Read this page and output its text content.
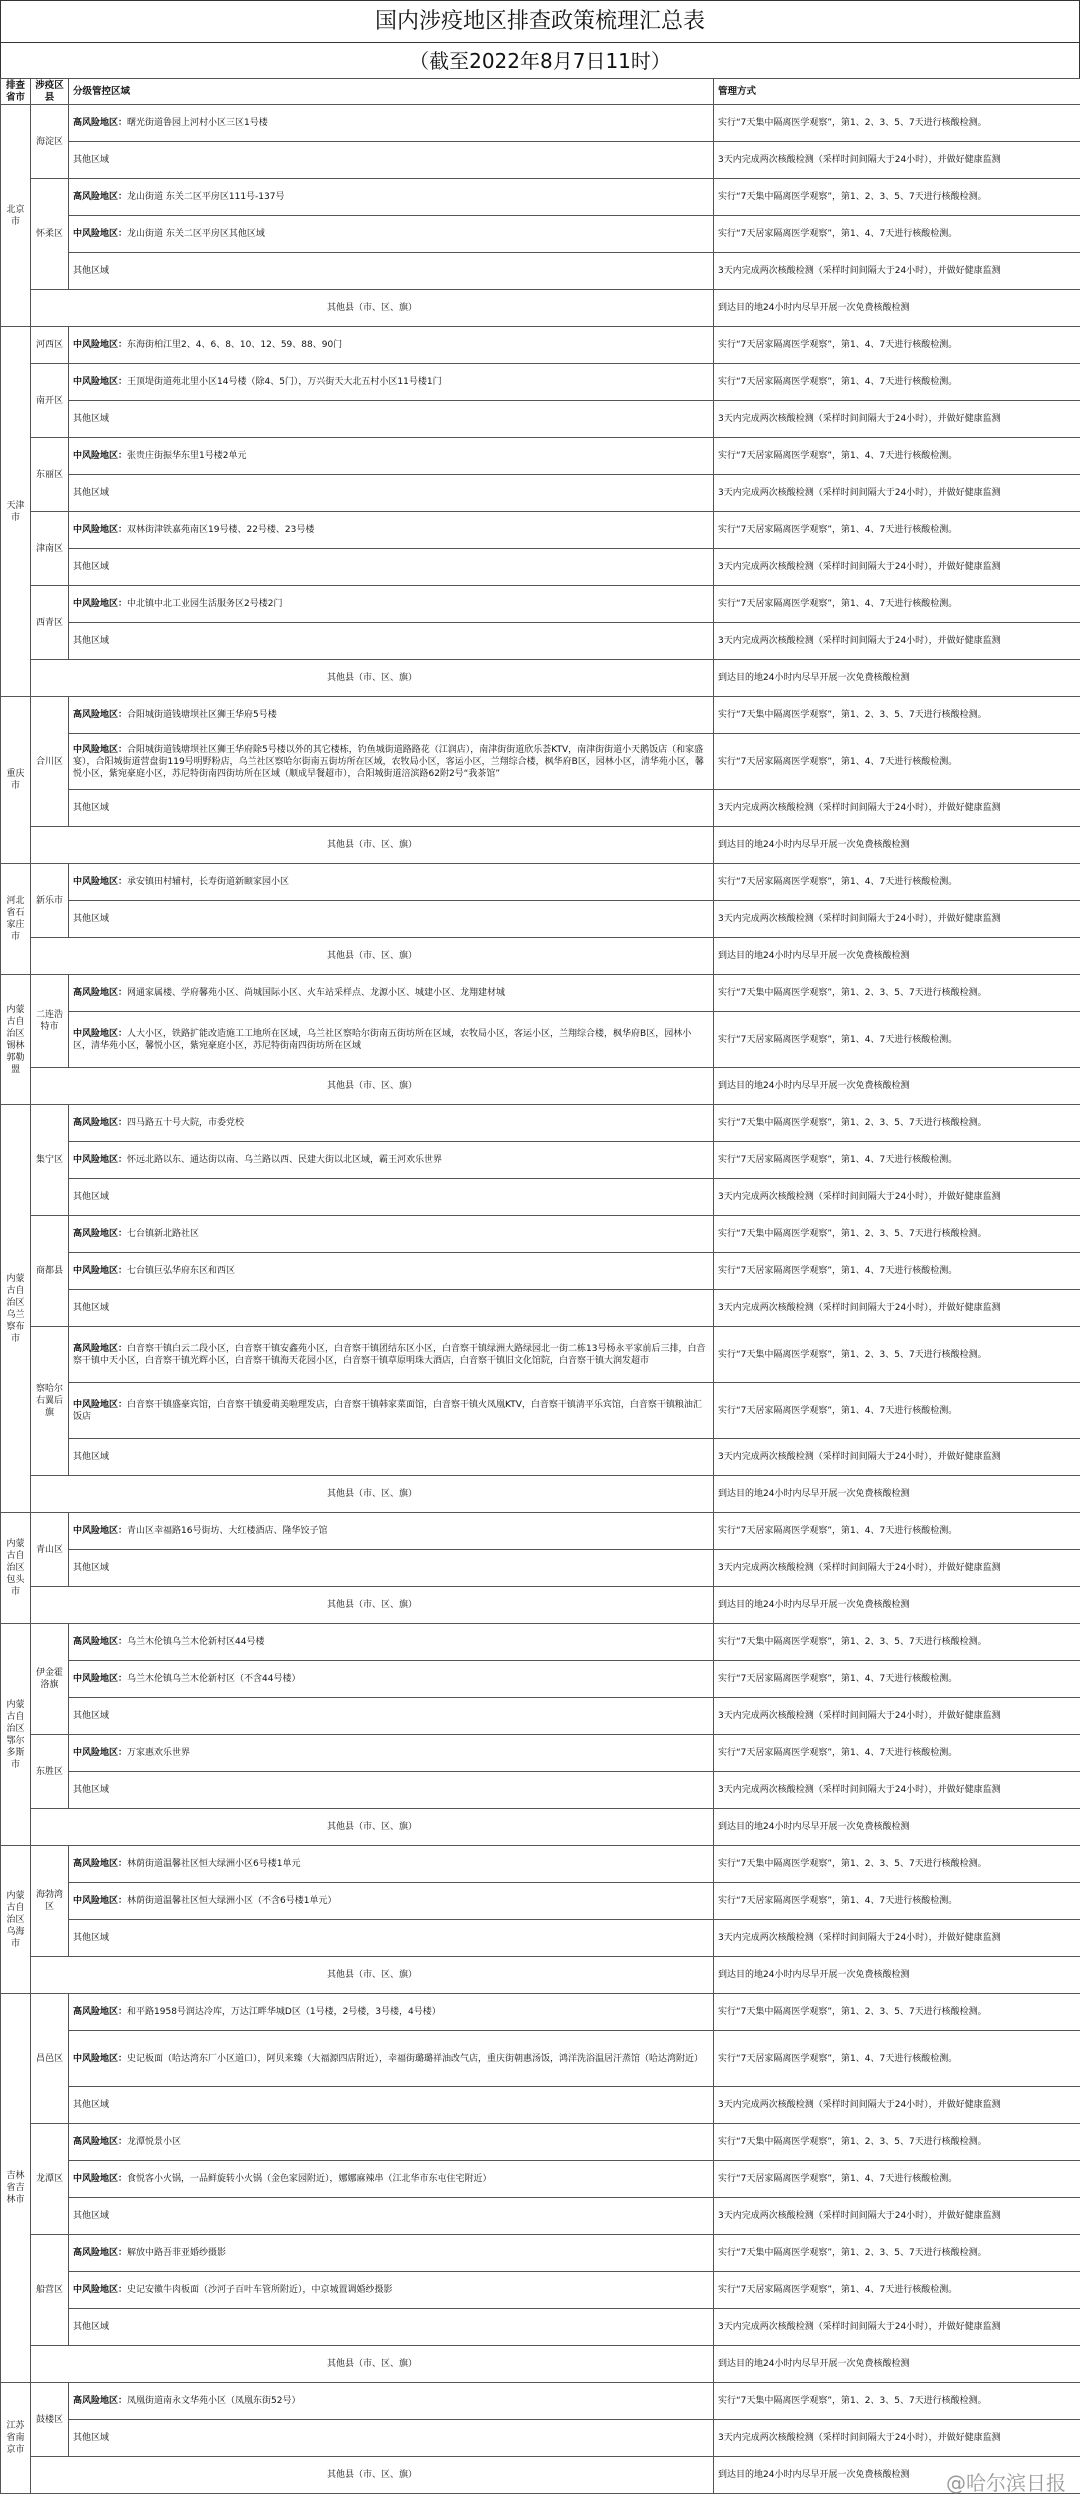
国内涉疫地区排查政策梳理汇总表
（截至2022年8月7日11时）
排查省市	涉疫区县	分级管控区域	管理方式
北京市	海淀区	高风险地区：曙光街道鲁园上河村小区三区1号楼	实行“7天集中隔离医学观察”，第1、2、3、5、7天进行核酸检测。
		其他区域	3天内完成两次核酸检测（采样时间间隔大于24小时），并做好健康监测
	怀柔区	高风险地区：龙山街道 东关二区平房区111号-137号	实行“7天集中隔离医学观察”，第1、2、3、5、7天进行核酸检测。
		中风险地区：龙山街道 东关二区平房区其他区域	实行“7天居家隔离医学观察”，第1、4、7天进行核酸检测。
		其他区域	3天内完成两次核酸检测（采样时间间隔大于24小时），并做好健康监测
	其他县（市、区、旗）		到达目的地24小时内尽早开展一次免费核酸检测
天津市	河西区	中风险地区：东海街柏江里2、4、6、8、10、12、59、88、90门	实行“7天居家隔离医学观察”，第1、4、7天进行核酸检测。
	南开区	中风险地区：王顶堤街道苑北里小区14号楼（除4、5门），万兴街天大北五村小区11号楼1门	实行“7天居家隔离医学观察”，第1、4、7天进行核酸检测。
		其他区域	3天内完成两次核酸检测（采样时间间隔大于24小时），并做好健康监测
	东丽区	中风险地区：张贵庄街振华东里1号楼2单元	实行“7天居家隔离医学观察”，第1、4、7天进行核酸检测。
		其他区域	3天内完成两次核酸检测（采样时间间隔大于24小时），并做好健康监测
	津南区	中风险地区：双林街津铁嘉苑南区19号楼、22号楼、23号楼	实行“7天居家隔离医学观察”，第1、4、7天进行核酸检测。
		其他区域	3天内完成两次核酸检测（采样时间间隔大于24小时），并做好健康监测
	西青区	中风险地区：中北镇中北工业园生活服务区2号楼2门	实行“7天居家隔离医学观察”，第1、4、7天进行核酸检测。
		其他区域	3天内完成两次核酸检测（采样时间间隔大于24小时），并做好健康监测
	其他县（市、区、旗）		到达目的地24小时内尽早开展一次免费核酸检测
重庆市	合川区	高风险地区：合阳城街道钱塘坝社区狮王华府5号楼	实行“7天集中隔离医学观察”，第1、2、3、5、7天进行核酸检测。
		中风险地区：合阳城街道钱塘坝社区狮王华府除5号楼以外的其它楼栋，钓鱼城街道路路花（江润店），南津街街道欣乐荟KTV，南津街街道小天鹅饭店（和家盛宴），合阳城街道营盘街119号明野粉店，乌兰社区察哈尔街南五街坊所在区域，农牧局小区，客运小区，兰翔综合楼，枫华府B区，园林小区，清华苑小区，馨悦小区，紫宛豪庭小区，苏尼特街南四街坊所在区域（顺成早餐超市），合阳城街道涪滨路62附2号“我茶馆”	实行“7天居家隔离医学观察”，第1、4、7天进行核酸检测。
		其他区域	3天内完成两次核酸检测（采样时间间隔大于24小时），并做好健康监测
	其他县（市、区、旗）		到达目的地24小时内尽早开展一次免费核酸检测
河北省石家庄市	新乐市	中风险地区：承安镇田村辅村，长寿街道新颐家园小区	实行“7天居家隔离医学观察”，第1、4、7天进行核酸检测。
		其他区域	3天内完成两次核酸检测（采样时间间隔大于24小时），并做好健康监测
	其他县（市、区、旗）		到达目的地24小时内尽早开展一次免费核酸检测
内蒙古自治区锡林郭勒盟	二连浩特市	高风险地区：网通家属楼、学府馨苑小区、尚城国际小区、火车站采样点、龙源小区、城建小区、龙翔建材城	实行“7天集中隔离医学观察”，第1、2、3、5、7天进行核酸检测。
		中风险地区：人大小区，铁路扩能改造施工工地所在区域，乌兰社区察哈尔街南五街坊所在区域，农牧局小区，客运小区，兰翔综合楼，枫华府B区，园林小区，清华苑小区，馨悦小区，紫宛豪庭小区，苏尼特街南四街坊所在区域	实行“7天居家隔离医学观察”，第1、4、7天进行核酸检测。
	其他县（市、区、旗）		到达目的地24小时内尽早开展一次免费核酸检测
内蒙古自治区乌兰察布市	集宁区	高风险地区：四马路五十号大院，市委党校	实行“7天集中隔离医学观察”，第1、2、3、5、7天进行核酸检测。
		中风险地区：怀远北路以东、通达街以南、乌兰路以西、民建大街以北区域，霸王河欢乐世界	实行“7天居家隔离医学观察”，第1、4、7天进行核酸检测。
		其他区域	3天内完成两次核酸检测（采样时间间隔大于24小时），并做好健康监测
	商都县	高风险地区：七台镇新北路社区	实行“7天集中隔离医学观察”，第1、2、3、5、7天进行核酸检测。
		中风险地区：七台镇巨弘华府东区和西区	实行“7天居家隔离医学观察”，第1、4、7天进行核酸检测。
		其他区域	3天内完成两次核酸检测（采样时间间隔大于24小时），并做好健康监测
	察哈尔右翼后旗	高风险地区：白音察干镇白云二段小区，白音察干镇安鑫苑小区，白音察干镇团结东区小区，白音察干镇绿洲大路绿园北一街二栋13号杨永平家前后三排，白音察干镇中天小区，白音察干镇光辉小区，白音察干镇海天花园小区，白音察干镇草原明珠大酒店，白音察干镇旧文化馆院，白音察干镇大润发超市	实行“7天集中隔离医学观察”，第1、2、3、5、7天进行核酸检测。
		中风险地区：白音察干镇盛豪宾馆，白音察干镇爱萌美啦理发店，白音察干镇韩家菜面馆，白音察干镇火凤凰KTV，白音察干镇清平乐宾馆，白音察干镇粮油汇饭店	实行“7天居家隔离医学观察”，第1、4、7天进行核酸检测。
		其他区域	3天内完成两次核酸检测（采样时间间隔大于24小时），并做好健康监测
	其他县（市、区、旗）		到达目的地24小时内尽早开展一次免费核酸检测
内蒙古自治区包头市	青山区	中风险地区：青山区幸福路16号街坊、大红楼酒店、隆华饺子馆	实行“7天居家隔离医学观察”，第1、4、7天进行核酸检测。
		其他区域	3天内完成两次核酸检测（采样时间间隔大于24小时），并做好健康监测
	其他县（市、区、旗）		到达目的地24小时内尽早开展一次免费核酸检测
内蒙古自治区鄂尔多斯市	伊金霍洛旗	高风险地区：乌兰木伦镇乌兰木伦新村区44号楼	实行“7天集中隔离医学观察”，第1、2、3、5、7天进行核酸检测。
		中风险地区：乌兰木伦镇乌兰木伦新村区（不含44号楼）	实行“7天居家隔离医学观察”，第1、4、7天进行核酸检测。
		其他区域	3天内完成两次核酸检测（采样时间间隔大于24小时），并做好健康监测
	东胜区	中风险地区：万家惠欢乐世界	实行“7天居家隔离医学观察”，第1、4、7天进行核酸检测。
		其他区域	3天内完成两次核酸检测（采样时间间隔大于24小时），并做好健康监测
	其他县（市、区、旗）		到达目的地24小时内尽早开展一次免费核酸检测
内蒙古自治区乌海市	海勃湾区	高风险地区：林荫街道温馨社区恒大绿洲小区6号楼1单元	实行“7天集中隔离医学观察”，第1、2、3、5、7天进行核酸检测。
		中风险地区：林荫街道温馨社区恒大绿洲小区（不含6号楼1单元）	实行“7天居家隔离医学观察”，第1、4、7天进行核酸检测。
		其他区域	3天内完成两次核酸检测（采样时间间隔大于24小时），并做好健康监测
	其他县（市、区、旗）		到达目的地24小时内尽早开展一次免费核酸检测
吉林省吉林市	昌邑区	高风险地区：和平路1958号润达冷库，万达江畔华城D区（1号楼，2号楼，3号楼，4号楼）	实行“7天集中隔离医学观察”，第1、2、3、5、7天进行核酸检测。
		中风险地区：史记板面（哈达湾东厂小区道口），阿贝来臻（大福源四店附近），幸福街璐璐祥油改气店，重庆街朝惠汤饭，鸿洋洗浴温居汗蒸馆（哈达湾附近）	实行“7天居家隔离医学观察”，第1、4、7天进行核酸检测。
		其他区域	3天内完成两次核酸检测（采样时间间隔大于24小时），并做好健康监测
	龙潭区	高风险地区：龙潭悦景小区	实行“7天集中隔离医学观察”，第1、2、3、5、7天进行核酸检测。
		中风险地区：食悦客小火锅，一品鲜旋转小火锅（金色家园附近），娜娜麻辣串（江北华市东屯住宅附近）	实行“7天居家隔离医学观察”，第1、4、7天进行核酸检测。
		其他区域	3天内完成两次核酸检测（采样时间间隔大于24小时），并做好健康监测
	船营区	高风险地区：解放中路吾菲亚婚纱摄影	实行“7天集中隔离医学观察”，第1、2、3、5、7天进行核酸检测。
		中风险地区：史记安徽牛肉板面（沙河子百叶车管所附近），中京城置调婚纱摄影	实行“7天居家隔离医学观察”，第1、4、7天进行核酸检测。
		其他区域	3天内完成两次核酸检测（采样时间间隔大于24小时），并做好健康监测
	其他县（市、区、旗）		到达目的地24小时内尽早开展一次免费核酸检测
江苏省南京市	鼓楼区	高风险地区：凤凰街道南永文华苑小区（凤凰东街52号）	实行“7天集中隔离医学观察”，第1、2、3、5、7天进行核酸检测。
		其他区域	3天内完成两次核酸检测（采样时间间隔大于24小时），并做好健康监测
	其他县（市、区、旗）		到达目的地24小时内尽早开展一次免费核酸检测 @哈尔滨日报
